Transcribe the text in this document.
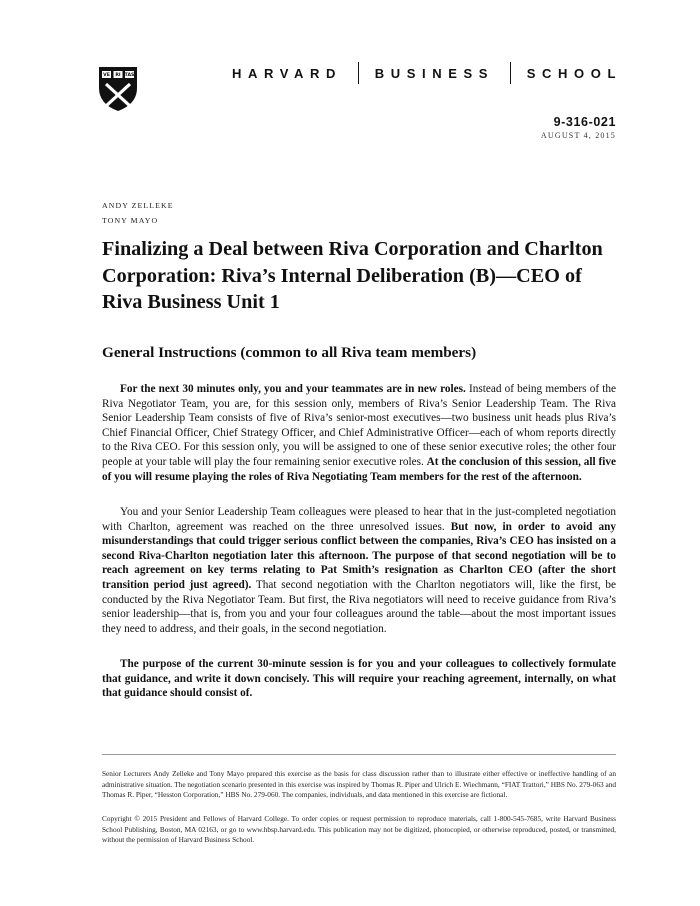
VE RI TAS	HARVARD	BUSINESS	SCHOOL
9-316-021
AUGUST 4, 2015
ANDY ZELLEKE
TONY MAYO
Finalizing a Deal between Riva Corporation and Charlton Corporation: Riva’s Internal Deliberation (B)—CEO of Riva Business Unit 1
General Instructions (common to all Riva team members)

For the next 30 minutes only, you and your teammates are in new roles. Instead of being members of the Riva Negotiator Team, you are, for this session only, members of Riva’s Senior Leadership Team. The Riva Senior Leadership Team consists of five of Riva’s senior-most executives—two business unit heads plus Riva’s Chief Financial Officer, Chief Strategy Officer, and Chief Administrative Officer—each of whom reports directly to the Riva CEO. For this session only, you will be assigned to one of these senior executive roles; the other four people at your table will play the four remaining senior executive roles. At the conclusion of this session, all five of you will resume playing the roles of Riva Negotiating Team members for the rest of the afternoon.

You and your Senior Leadership Team colleagues were pleased to hear that in the just-completed negotiation with Charlton, agreement was reached on the three unresolved issues. But now, in order to avoid any misunderstandings that could trigger serious conflict between the companies, Riva’s CEO has insisted on a second Riva-Charlton negotiation later this afternoon. The purpose of that second negotiation will be to reach agreement on key terms relating to Pat Smith’s resignation as Charlton CEO (after the short transition period just agreed). That second negotiation with the Charlton negotiators will, like the first, be conducted by the Riva Negotiator Team. But first, the Riva negotiators will need to receive guidance from Riva’s senior leadership—that is, from you and your four colleagues around the table—about the most important issues they need to address, and their goals, in the second negotiation.

The purpose of the current 30-minute session is for you and your colleagues to collectively formulate that guidance, and write it down concisely. This will require your reaching agreement, internally, on what that guidance should consist of.

Senior Lecturers Andy Zelleke and Tony Mayo prepared this exercise as the basis for class discussion rather than to illustrate either effective or ineffective handling of an administrative situation. The negotiation scenario presented in this exercise was inspired by Thomas R. Piper and Ulrich E. Wiechmann, “FIAT Trattori,” HBS No. 279-063 and Thomas R. Piper, “Hesston Corporation,” HBS No. 279-060. The companies, individuals, and data mentioned in this exercise are fictional.

Copyright © 2015 President and Fellows of Harvard College. To order copies or request permission to reproduce materials, call 1-800-545-7685, write Harvard Business School Publishing, Boston, MA 02163, or go to www.hbsp.harvard.edu. This publication may not be digitized, photocopied, or otherwise reproduced, posted, or transmitted, without the permission of Harvard Business School.
